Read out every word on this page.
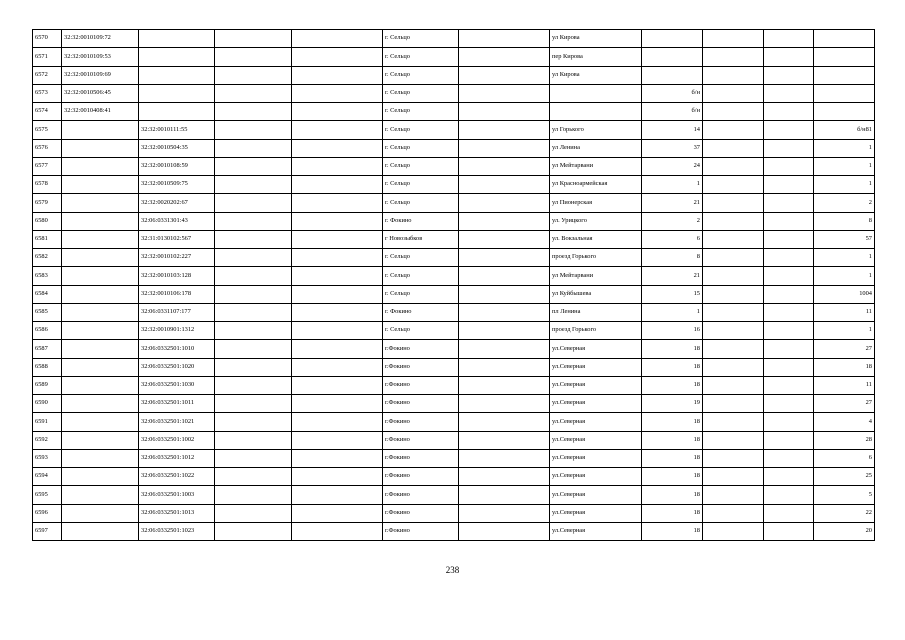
6570	32:32:0010109:72				г. Сельцо		ул Кирова				
6571	32:32:0010109:53				г. Сельцо		пер Кирова				
6572	32:32:0010109:69				г. Сельцо		ул Кирова				
6573	32:32:0010506:45				г. Сельцо			б/н			
6574	32:32:0010408:41				г. Сельцо			б/н			
6575		32:32:0010111:55			г. Сельцо		ул Горького	14			б/н81
6576		32:32:0010504:35			г. Сельцо		ул Ленина	37			1
6577		32:32:0010108:59			г. Сельцо		ул Мейтарвани	24			1
6578		32:32:0010509:75			г. Сельцо		ул Красноармейская	1			1
6579		32:32:0020202:67			г. Сельцо		ул Пионерская	21			2
6580		32:06:0331301:43			г. Фокино		ул. Урицкого	2			8
6581		32:31:0130102:567			г Новозыбков		ул. Вокзальная	6			57
6582		32:32:0010102:227			г. Сельцо		проезд Горького	8			1
6583		32:32:0010103:128			г. Сельцо		ул Мейтарвани	21			1
6584		32:32:0010106:178			г. Сельцо		ул Куйбышева	15			1004
6585		32:06:0331107:177			г. Фокино		пл Ленина	1			11
6586		32:32:0010901:1312			г. Сельцо		проезд Горького	16			1
6587		32:06:0332501:1010			г.Фокино		ул.Северная	18			27
6588		32:06:0332501:1020			г.Фокино		ул.Северная	18			18
6589		32:06:0332501:1030			г.Фокино		ул.Северная	18			11
6590		32:06:0332501:1011			г.Фокино		ул.Северная	19			27
6591		32:06:0332501:1021			г.Фокино		ул.Северная	18			4
6592		32:06:0332501:1002			г.Фокино		ул.Северная	18			28
6593		32:06:0332501:1012			г.Фокино		ул.Северная	18			6
6594		32:06:0332501:1022			г.Фокино		ул.Северная	18			25
6595		32:06:0332501:1003			г.Фокино		ул.Северная	18			5
6596		32:06:0332501:1013			г.Фокино		ул.Северная	18			22
6597		32:06:0332501:1023			г.Фокино		ул.Северная	18			20
238
